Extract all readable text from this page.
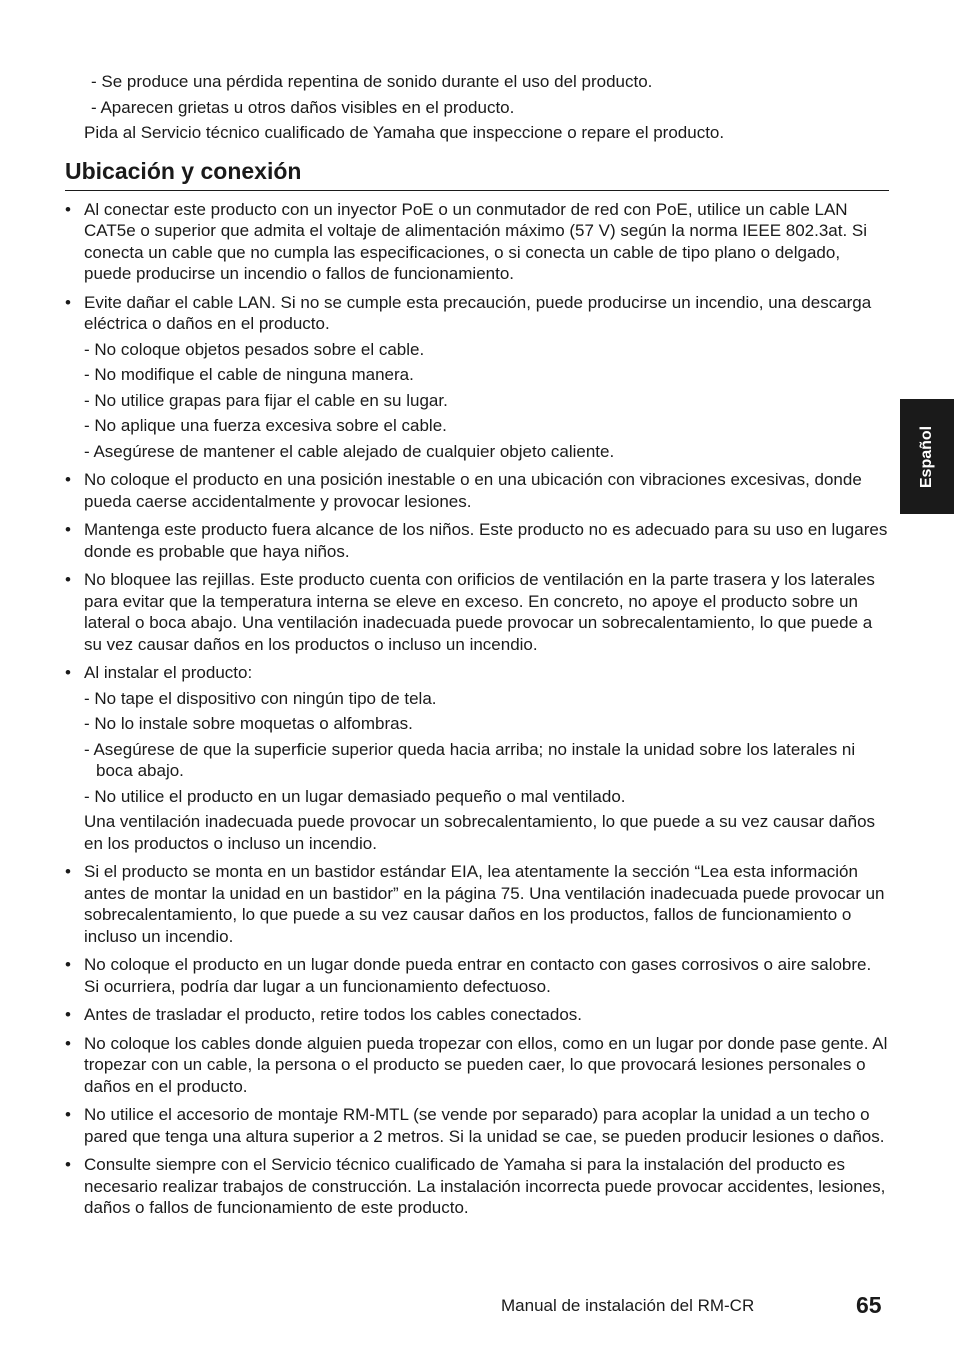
- Se produce una pérdida repentina de sonido durante el uso del producto.
- Aparecen grietas u otros daños visibles en el producto.
Pida al Servicio técnico cualificado de Yamaha que inspeccione o repare el producto.
Ubicación y conexión
• Al conectar este producto con un inyector PoE o un conmutador de red con PoE, utilice un cable LAN CAT5e o superior que admita el voltaje de alimentación máximo (57 V) según la norma IEEE 802.3at. Si conecta un cable que no cumpla las especificaciones, o si conecta un cable de tipo plano o delgado, puede producirse un incendio o fallos de funcionamiento.
• Evite dañar el cable LAN. Si no se cumple esta precaución, puede producirse un incendio, una descarga eléctrica o daños en el producto.
- No coloque objetos pesados sobre el cable.
- No modifique el cable de ninguna manera.
- No utilice grapas para fijar el cable en su lugar.
- No aplique una fuerza excesiva sobre el cable.
- Asegúrese de mantener el cable alejado de cualquier objeto caliente.
• No coloque el producto en una posición inestable o en una ubicación con vibraciones excesivas, donde pueda caerse accidentalmente y provocar lesiones.
• Mantenga este producto fuera alcance de los niños. Este producto no es adecuado para su uso en lugares donde es probable que haya niños.
• No bloquee las rejillas. Este producto cuenta con orificios de ventilación en la parte trasera y los laterales para evitar que la temperatura interna se eleve en exceso. En concreto, no apoye el producto sobre un lateral o boca abajo. Una ventilación inadecuada puede provocar un sobrecalentamiento, lo que puede a su vez causar daños en los productos o incluso un incendio.
• Al instalar el producto:
- No tape el dispositivo con ningún tipo de tela.
- No lo instale sobre moquetas o alfombras.
- Asegúrese de que la superficie superior queda hacia arriba; no instale la unidad sobre los laterales ni boca abajo.
- No utilice el producto en un lugar demasiado pequeño o mal ventilado.
Una ventilación inadecuada puede provocar un sobrecalentamiento, lo que puede a su vez causar daños en los productos o incluso un incendio.
• Si el producto se monta en un bastidor estándar EIA, lea atentamente la sección “Lea esta información antes de montar la unidad en un bastidor” en la página 75. Una ventilación inadecuada puede provocar un sobrecalentamiento, lo que puede a su vez causar daños en los productos, fallos de funcionamiento o incluso un incendio.
• No coloque el producto en un lugar donde pueda entrar en contacto con gases corrosivos o aire salobre. Si ocurriera, podría dar lugar a un funcionamiento defectuoso.
• Antes de trasladar el producto, retire todos los cables conectados.
• No coloque los cables donde alguien pueda tropezar con ellos, como en un lugar por donde pase gente. Al tropezar con un cable, la persona o el producto se pueden caer, lo que provocará lesiones personales o daños en el producto.
• No utilice el accesorio de montaje RM-MTL (se vende por separado) para acoplar la unidad a un techo o pared que tenga una altura superior a 2 metros. Si la unidad se cae, se pueden producir lesiones o daños.
• Consulte siempre con el Servicio técnico cualificado de Yamaha si para la instalación del producto es necesario realizar trabajos de construcción. La instalación incorrecta puede provocar accidentes, lesiones, daños o fallos de funcionamiento de este producto.
Español
Manual de instalación del RM-CR	65
